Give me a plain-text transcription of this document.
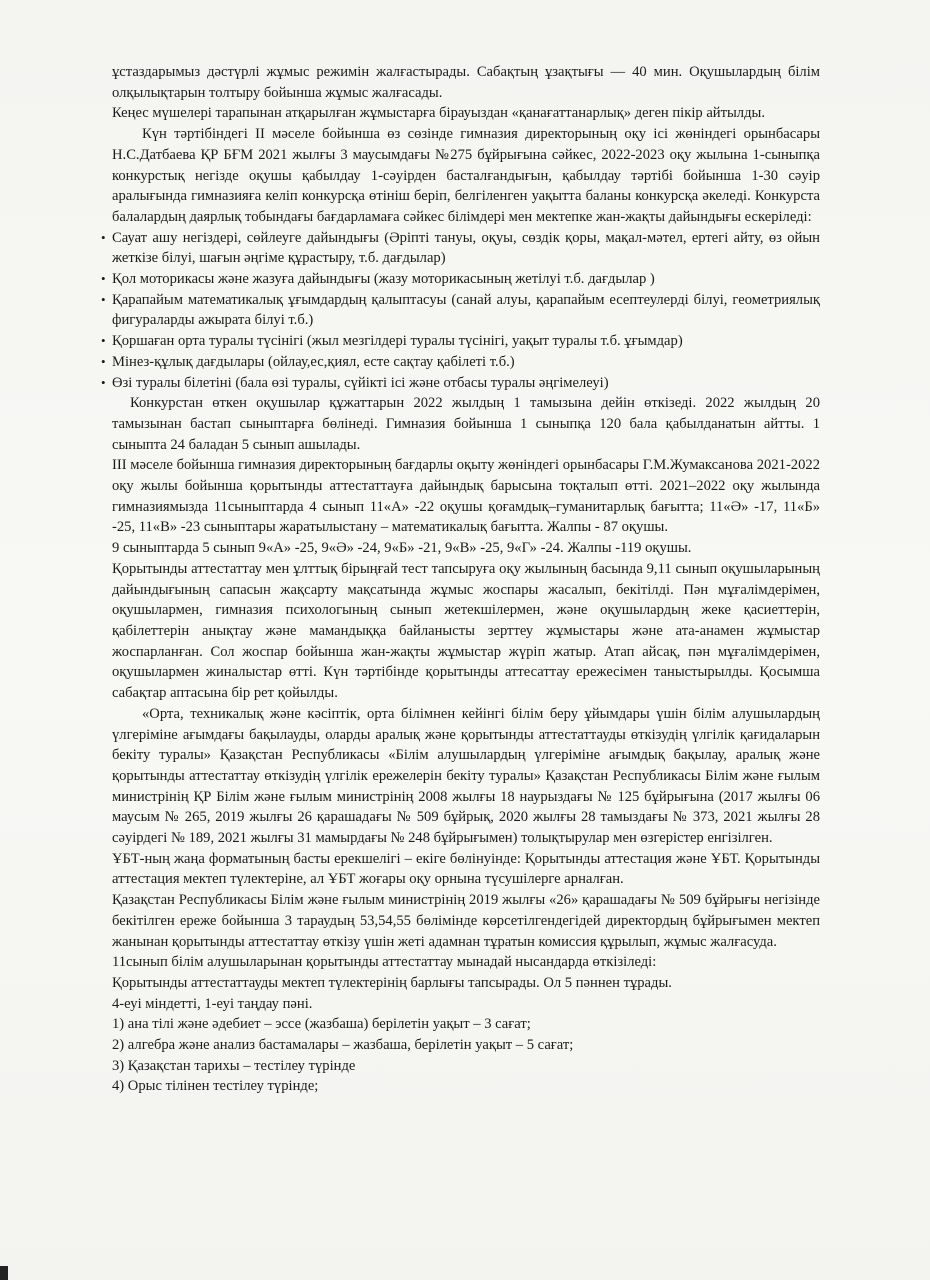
ұстаздарымыз дәстүрлі жұмыс режимін жалғастырады. Сабақтың ұзақтығы — 40 мин. Оқушылардың білім олқылықтарын толтыру бойынша жұмыс жалғасады.

Кеңес мүшелері тарапынан атқарылған жұмыстарға бірауыздан «қанағаттанарлық» деген пікір айтылды.

Күн тәртібіндегі ІІ мәселе бойынша өз сөзінде гимназия директорының оқу ісі жөніндегі орынбасары Н.С.Датбаева ҚР БҒМ 2021 жылғы 3 маусымдағы №275 бұйрығына сәйкес, 2022-2023 оқу жылына 1-сыныпқа конкурстық негізде оқушы қабылдау 1-сәуірден басталғандығын, қабылдау тәртібі бойынша 1-30 сәуір аралығында гимназияға келіп конкурсқа өтініш беріп, белгіленген уақытта баланы конкурсқа әкеледі. Конкурста балалардың даярлық тобындағы бағдарламаға сәйкес білімдері мен мектепке жан-жақты дайындығы ескеріледі:

• Сауат ашу негіздері, сөйлеуге дайындығы (Әріпті тануы, оқуы, сөздік қоры, мақал-мәтел, ертегі айту, өз ойын жеткізе білуі, шағын әңгіме құрастыру, т.б. дағдылар)

• Қол моторикасы және жазуға дайындығы (жазу моторикасының жетілуі т.б. дағдылар )

• Қарапайым математикалық ұғымдардың қалыптасуы (санай алуы, қарапайым есептеулерді білуі, геометриялық фигураларды ажырата білуі т.б.)

• Қоршаған орта туралы түсінігі (жыл мезгілдері туралы түсінігі, уақыт туралы т.б. ұғымдар)

• Мінез-құлық дағдылары (ойлау,ес,қиял, есте сақтау қабілеті т.б.)

• Өзі туралы білетіні (бала өзі туралы, сүйікті ісі және отбасы туралы әңгімелеуі)

Конкурстан өткен оқушылар құжаттарын 2022 жылдың 1 тамызына дейін өткізеді. 2022 жылдың 20 тамызынан бастап сыныптарға бөлінеді. Гимназия бойынша 1 сыныпқа 120 бала қабылданатын айтты. 1 сыныпта 24 баладан 5 сынып ашылады.

ІІІ мәселе бойынша гимназия директорының бағдарлы оқыту жөніндегі орынбасары Г.М.Жумаксанова 2021-2022 оқу жылы бойынша қорытынды аттестаттауға дайындық барысына тоқталып өтті. 2021–2022 оқу жылында гимназиямызда 11сыныптарда 4 сынып 11«А» -22 оқушы қоғамдық–гуманитарлық бағытта; 11«Ә» -17, 11«Б» -25, 11«В» -23 сыныптары жаратылыстану – математикалық бағытта. Жалпы - 87 оқушы.

9 сыныптарда 5 сынып 9«А» -25, 9«Ә» -24, 9«Б» -21, 9«В» -25, 9«Г» -24. Жалпы -119 оқушы.

Қорытынды аттестаттау мен ұлттық бірыңғай тест тапсыруға оқу жылының басында 9,11 сынып оқушыларының дайындығының сапасын жақсарту мақсатында жұмыс жоспары жасалып, бекітілді. Пән мұғалімдерімен, оқушылармен, гимназия психологының сынып жетекшілермен, және оқушылардың жеке қасиеттерін, қабілеттерін анықтау және мамандыққа байланысты зерттеу жұмыстары және ата-анамен жұмыстар жоспарланған. Сол жоспар бойынша жан-жақты жұмыстар жүріп жатыр. Атап айсақ, пән мұғалімдерімен, оқушылармен жиналыстар өтті. Күн тәртібінде қорытынды аттесаттау ережесімен таныстырылды. Қосымша сабақтар аптасына бір рет қойылды.

«Орта, техникалық және кәсіптік, орта білімнен кейінгі білім беру ұйымдары үшін білім алушылардың үлгеріміне ағымдағы бақылауды, оларды аралық және қорытынды аттестаттауды өткізудің үлгілік қағидаларын бекіту туралы» Қазақстан Республикасы «Білім алушылардың үлгеріміне ағымдық бақылау, аралық және қорытынды аттестаттау өткізудің үлгілік ережелерін бекіту туралы» Қазақстан Республикасы Білім және ғылым министрінің ҚР Білім және ғылым министрінің 2008 жылғы 18 наурыздағы № 125 бұйрығына (2017 жылғы 06 маусым № 265, 2019 жылғы 26 қарашадағы № 509 бұйрық, 2020 жылғы 28 тамыздағы № 373, 2021 жылғы 28 сәуірдегі № 189, 2021 жылғы 31 мамырдағы № 248 бұйрығымен) толықтырулар мен өзгерістер енгізілген.

ҰБТ-ның жаңа форматының басты ерекшелігі – екіге бөлінуінде: Қорытынды аттестация және ҰБТ. Қорытынды аттестация мектеп түлектеріне, ал ҰБТ жоғары оқу орнына түсушілерге арналған.

Қазақстан Республикасы Білім және ғылым министрінің 2019 жылғы «26» қарашадағы № 509 бұйрығы негізінде бекітілген ереже бойынша 3 тараудың 53,54,55 бөлімінде көрсетілгендегідей директордың бұйрығымен мектеп жанынан қорытынды аттестаттау өткізу үшін жеті адамнан тұратын комиссия құрылып, жұмыс жалғасуда.

11сынып білім алушыларынан қорытынды аттестаттау мынадай нысандарда өткізіледі:

Қорытынды аттестаттауды мектеп түлектерінің барлығы тапсырады. Ол 5 пәннен тұрады.

4-еуі міндетті, 1-еуі таңдау пәні.

1) ана тілі және әдебиет – эссе (жазбаша) берілетін уақыт – 3 сағат;

2) алгебра және анализ бастамалары – жазбаша, берілетін уақыт – 5 сағат;

3) Қазақстан тарихы – тестілеу түрінде

4) Орыс тілінен тестілеу түрінде;
